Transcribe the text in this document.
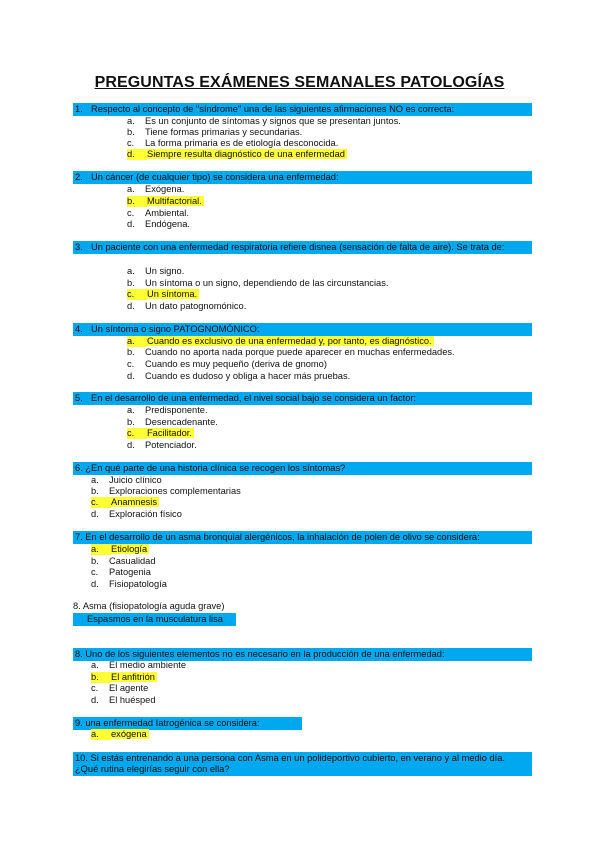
PREGUNTAS EXÁMENES SEMANALES PATOLOGÍAS
1. Respecto al concepto de "síndrome" una de las siguientes afirmaciones NO es correcta:
a. Es un conjunto de síntomas y signos que se presentan juntos.
b. Tiene formas primarias y secundarias.
c. La forma primaria es de etiología desconocida.
d. Siempre resulta diagnóstico de una enfermedad
2. Un cáncer (de cualquier tipo) se considera una enfermedad:
a. Exógena.
b. Multifactorial.
c. Ambiental.
d. Endógena.
3. Un paciente con una enfermedad respiratoria refiere disnea (sensación de falta de aire). Se trata de:
a. Un signo.
b. Un síntoma o un signo, dependiendo de las circunstancias.
c. Un síntoma.
d. Un dato patognomónico.
4. Un síntoma o signo PATOGNOMÓNICO:
a. Cuando es exclusivo de una enfermedad y, por tanto, es diagnóstico.
b. Cuando no aporta nada porque puede aparecer en muchas enfermedades.
c. Cuando es muy pequeño (deriva de gnomo)
d. Cuando es dudoso y obliga a hacer más pruebas.
5. En el desarrollo de una enfermedad, el nivel social bajo se considera un factor:
a. Predisponente.
b. Desencadenante.
c. Facilitador.
d. Potenciador.
6. ¿En qué parte de una historia clínica se recogen los síntomas?
a. Juicio clínico
b. Exploraciones complementarias
c. Anamnesis
d. Exploración físico
7. En el desarrollo de un asma bronquial alergénicos, la inhalación de polen de olivo se considera:
a. Etiología
b. Casualidad
c. Patogenia
d. Fisiopatología
8. Asma (fisiopatología aguda grave)
Espasmos en la musculatura lisa
8. Uno de los siguientes elementos no es necesario en la producción de una enfermedad:
a. El medio ambiente
b. El anfitrión
c. El agente
d. El huésped
9. una enfermedad Iatrogénica se considera:
a. exógena
10. Si estás entrenando a una persona con Asma en un polideportivo cubierto, en verano y al medio día. ¿Qué rutina elegirías seguir con ella?
